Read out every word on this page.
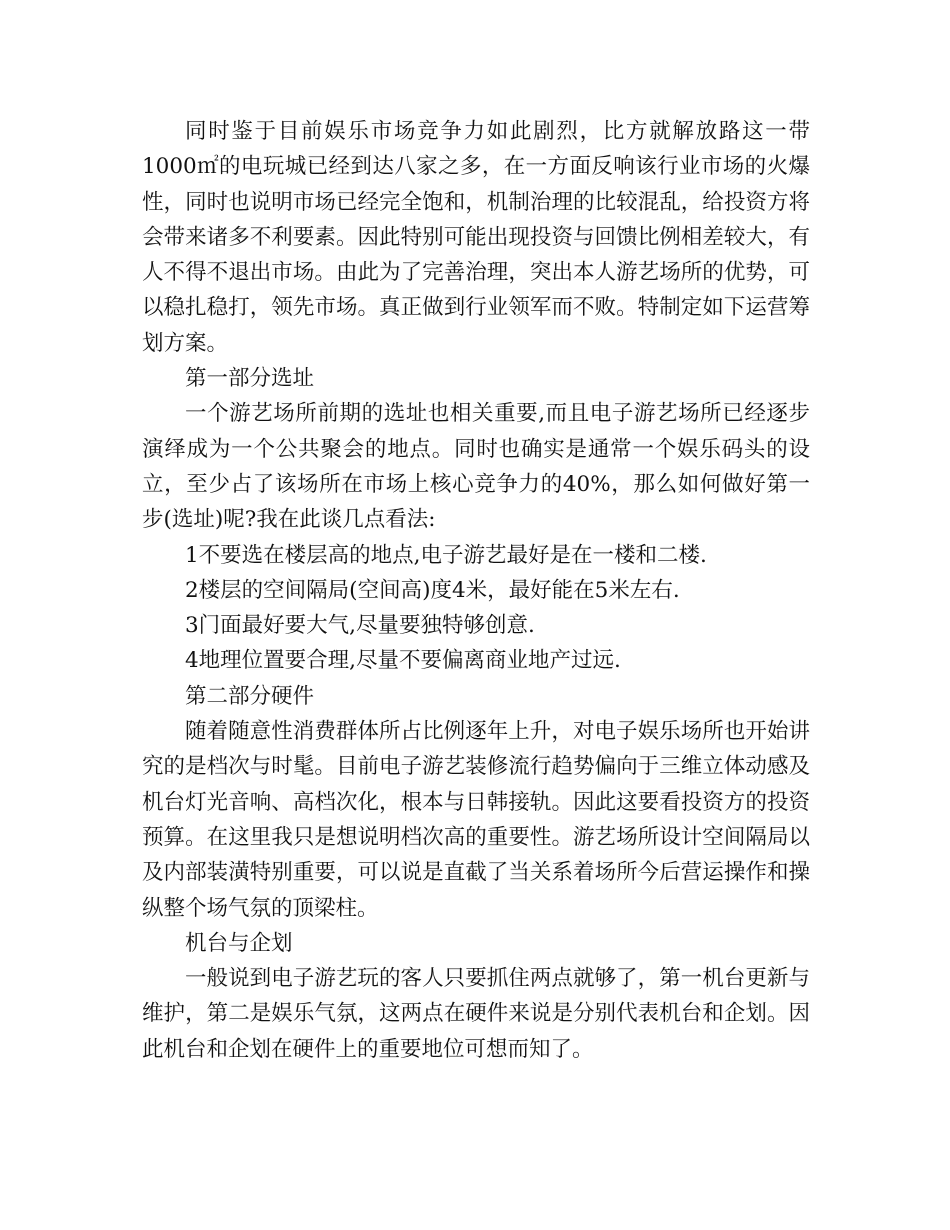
同时鉴于目前娱乐市场竞争力如此剧烈，比方就解放路这一带1000㎡的电玩城已经到达八家之多，在一方面反响该行业市场的火爆性，同时也说明市场已经完全饱和，机制治理的比较混乱，给投资方将会带来诸多不利要素。因此特别可能出现投资与回馈比例相差较大，有人不得不退出市场。由此为了完善治理，突出本人游艺场所的优势，可以稳扎稳打，领先市场。真正做到行业领军而不败。特制定如下运营筹划方案。

第一部分选址

一个游艺场所前期的选址也相关重要,而且电子游艺场所已经逐步演绎成为一个公共聚会的地点。同时也确实是通常一个娱乐码头的设立，至少占了该场所在市场上核心竞争力的40%，那么如何做好第一步(选址)呢?我在此谈几点看法:

1不要选在楼层高的地点,电子游艺最好是在一楼和二楼.

2楼层的空间隔局(空间高)度4米，最好能在5米左右.

3门面最好要大气,尽量要独特够创意.

4地理位置要合理,尽量不要偏离商业地产过远.

第二部分硬件

随着随意性消费群体所占比例逐年上升，对电子娱乐场所也开始讲究的是档次与时髦。目前电子游艺装修流行趋势偏向于三维立体动感及机台灯光音响、高档次化，根本与日韩接轨。因此这要看投资方的投资预算。在这里我只是想说明档次高的重要性。游艺场所设计空间隔局以及内部装潢特别重要，可以说是直截了当关系着场所今后营运操作和操纵整个场气氛的顶梁柱。

机台与企划

一般说到电子游艺玩的客人只要抓住两点就够了，第一机台更新与维护，第二是娱乐气氛，这两点在硬件来说是分别代表机台和企划。因此机台和企划在硬件上的重要地位可想而知了。
